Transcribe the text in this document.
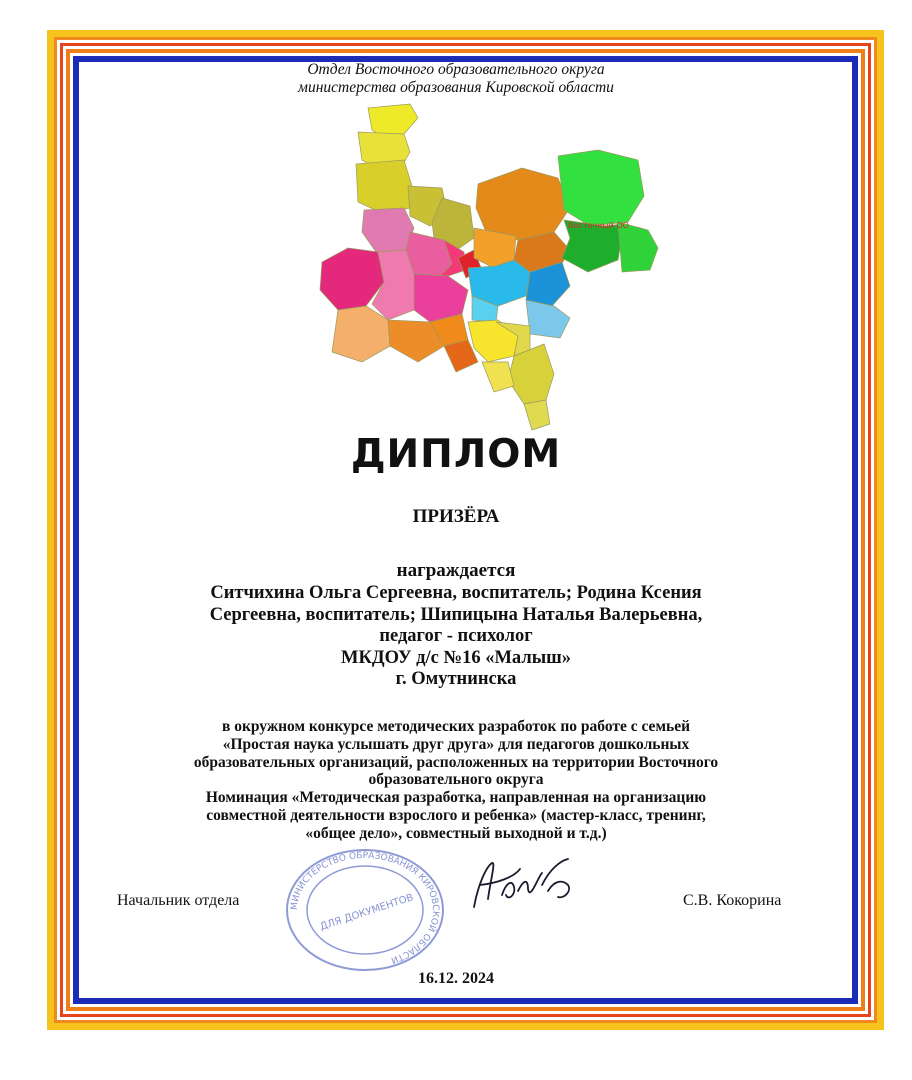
Отдел Восточного образовательного округа
министерства образования Кировской области
Восточный ОО
ДИПЛОМ
ПРИЗЁРА
награждается
Ситчихина Ольга Сергеевна, воспитатель; Родина Ксения
Сергеевна, воспитатель; Шипицына Наталья Валерьевна,
педагог - психолог
МКДОУ д/с №16 «Малыш»
г. Омутнинска
в окружном конкурсе методических разработок по работе с семьей
«Простая наука услышать друг друга» для педагогов дошкольных
образовательных организаций, расположенных на территории Восточного
образовательного округа
Номинация «Методическая разработка, направленная на организацию
совместной деятельности взрослого и ребенка» (мастер-класс, тренинг,
«общее дело», совместный выходной и т.д.)
МИНИСТЕРСТВО ОБРАЗОВАНИЯ КИРОВСКОЙ ОБЛАСТИ
ДЛЯ ДОКУМЕНТОВ
Начальник отдела	С.В. Кокорина
16.12. 2024
